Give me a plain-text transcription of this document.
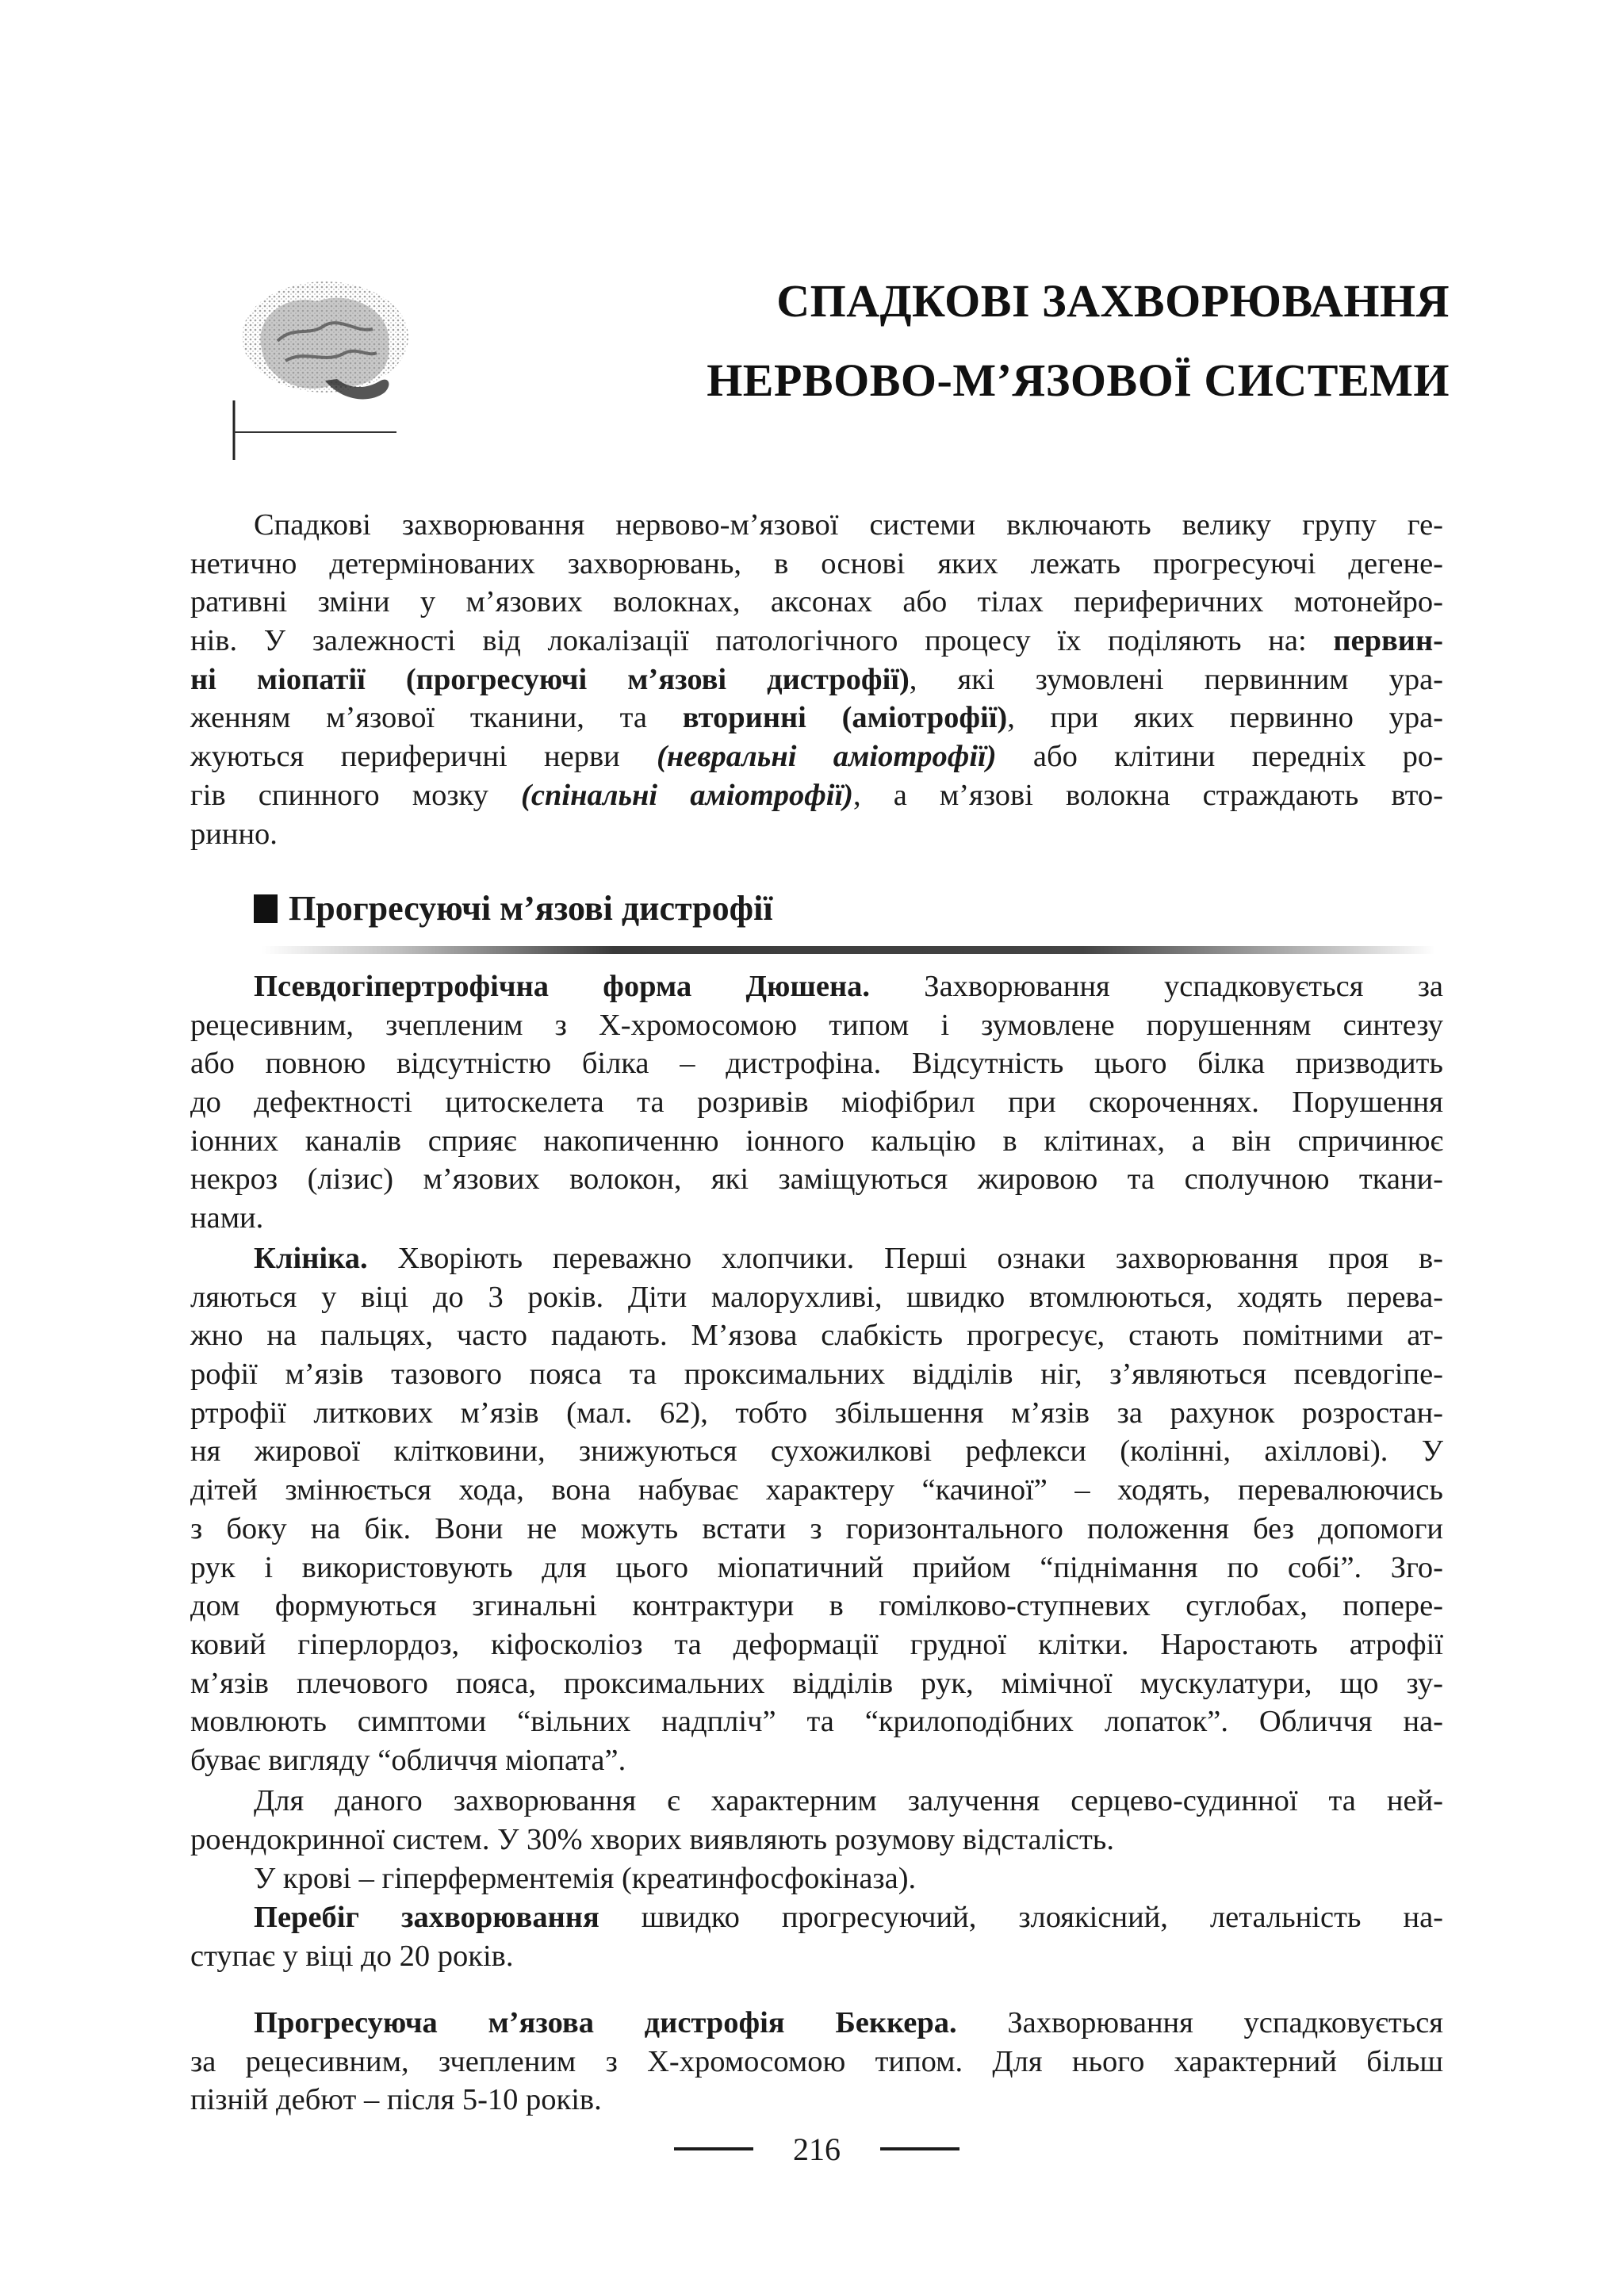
СПАДКОВІ ЗАХВОРЮВАННЯ
НЕРВОВО-М’ЯЗОВОЇ СИСТЕМИ
Спадкові захворювання нервово-м’язової системи включають велику групу ге-
нетично детермінованих захворювань, в основі яких лежать прогресуючі дегене-
ративні зміни у м’язових волокнах, аксонах або тілах периферичних мотонейро-
нів. У залежності від локалізації патологічного процесу їх поділяють на: первин-
ні міопатії (прогресуючі м’язові дистрофії), які зумовлені первинним ура-
женням м’язової тканини, та вторинні (аміотрофії), при яких первинно ура-
жуються периферичні нерви (невральні аміотрофії) або клітини передніх ро-
гів спинного мозку (спінальні аміотрофії), а м’язові волокна страждають вто-
ринно.
Прогресуючі м’язові дистрофії
Псевдогіпертрофічна форма Дюшена. Захворювання успадковується за
рецесивним, зчепленим з Х-хромосомою типом і зумовлене порушенням синтезу
або повною відсутністю білка – дистрофіна. Відсутність цього білка призводить
до дефектності цитоскелета та розривів міофібрил при скороченнях. Порушення
іонних каналів сприяє накопиченню іонного кальцію в клітинах, а він спричинює
некроз (лізис) м’язових волокон, які заміщуються жировою та сполучною ткани-
нами.
Клініка. Хворіють переважно хлопчики. Перші ознаки захворювання проя в-
ляються у віці до 3 років. Діти малорухливі, швидко втомлюються, ходять перева-
жно на пальцях, часто падають. М’язова слабкість прогресує, стають помітними ат-
рофії м’язів тазового пояса та проксимальних відділів ніг, з’являються псевдогіпе-
ртрофії литкових м’язів (мал. 62), тобто збільшення м’язів за рахунок розростан-
ня жирової клітковини, знижуються сухожилкові рефлекси (колінні, ахіллові). У
дітей змінюється хода, вона набуває характеру “качиної” – ходять, перевалюючись
з боку на бік. Вони не можуть встати з горизонтального положення без допомоги
рук і використовують для цього міопатичний прийом “піднімання по собі”. Зго-
дом формуються згинальні контрактури в гомілково-ступневих суглобах, попере-
ковий гіперлордоз, кіфосколіоз та деформації грудної клітки. Наростають атрофії
м’язів плечового пояса, проксимальних відділів рук, мімічної мускулатури, що зу-
мовлюють симптоми “вільних надпліч” та “крилоподібних лопаток”. Обличчя на-
буває вигляду “обличчя міопата”.
Для даного захворювання є характерним залучення серцево-судинної та ней-
роендокринної систем. У 30% хворих виявляють розумову відсталість.
У крові – гіперферментемія (креатинфосфокіназа).
Перебіг захворювання швидко прогресуючий, злоякісний, летальність на-
ступає у віці до 20 років.
Прогресуюча м’язова дистрофія Беккера. Захворювання успадковується
за рецесивним, зчепленим з Х-хромосомою типом. Для нього характерний більш
пізній дебют – після 5-10 років.
216
